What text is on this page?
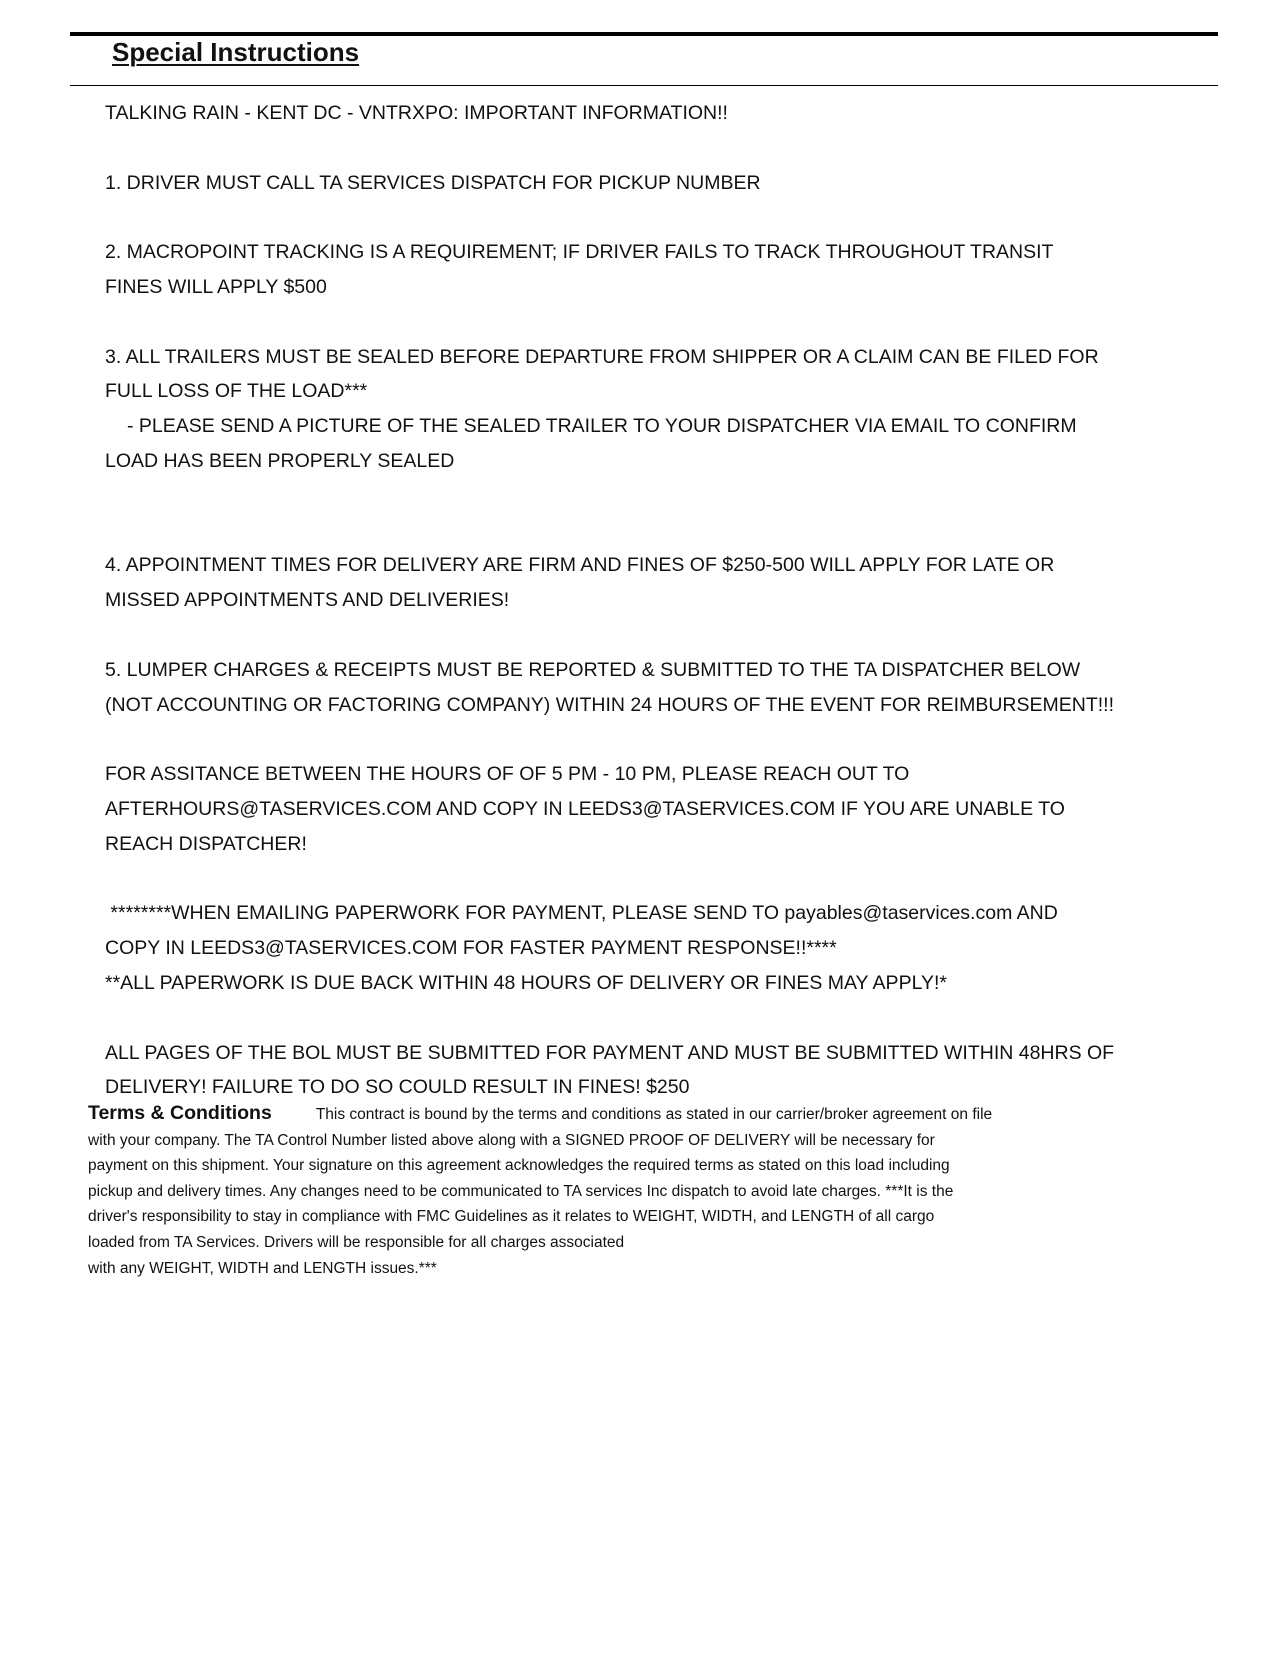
Special Instructions

TALKING RAIN - KENT DC - VNTRXPO: IMPORTANT INFORMATION!!

1. DRIVER MUST CALL TA SERVICES DISPATCH FOR PICKUP NUMBER

2. MACROPOINT TRACKING IS A REQUIREMENT; IF DRIVER FAILS TO TRACK THROUGHOUT TRANSIT

FINES WILL APPLY $500

3. ALL TRAILERS MUST BE SEALED BEFORE DEPARTURE FROM SHIPPER OR A CLAIM CAN BE FILED FOR

FULL LOSS OF THE LOAD***

- PLEASE SEND A PICTURE OF THE SEALED TRAILER TO YOUR DISPATCHER VIA EMAIL TO CONFIRM

LOAD HAS BEEN PROPERLY SEALED

4. APPOINTMENT TIMES FOR DELIVERY ARE FIRM AND FINES OF $250-500 WILL APPLY FOR LATE OR

MISSED APPOINTMENTS AND DELIVERIES!

5. LUMPER CHARGES & RECEIPTS MUST BE REPORTED & SUBMITTED TO THE TA DISPATCHER BELOW

(NOT ACCOUNTING OR FACTORING COMPANY) WITHIN 24 HOURS OF THE EVENT FOR REIMBURSEMENT!!!

FOR ASSITANCE BETWEEN THE HOURS OF OF 5 PM - 10 PM, PLEASE REACH OUT TO

AFTERHOURS@TASERVICES.COM AND COPY IN LEEDS3@TASERVICES.COM IF YOU ARE UNABLE TO

REACH DISPATCHER!

********WHEN EMAILING PAPERWORK FOR PAYMENT, PLEASE SEND TO payables@taservices.com AND

COPY IN LEEDS3@TASERVICES.COM FOR FASTER PAYMENT RESPONSE!!****

**ALL PAPERWORK IS DUE BACK WITHIN 48 HOURS OF DELIVERY OR FINES MAY APPLY!*

ALL PAGES OF THE BOL MUST BE SUBMITTED FOR PAYMENT AND MUST BE SUBMITTED WITHIN 48HRS OF

DELIVERY! FAILURE TO DO SO COULD RESULT IN FINES! $250

Terms & Conditions	This contract is bound by the terms and conditions as stated in our carrier/broker agreement on file

with your company. The TA Control Number listed above along with a SIGNED PROOF OF DELIVERY will be necessary for

payment on this shipment. Your signature on this agreement acknowledges the required terms as stated on this load including

pickup and delivery times. Any changes need to be communicated to TA services Inc dispatch to avoid late charges. ***It is the

driver's responsibility to stay in compliance with FMC Guidelines as it relates to WEIGHT, WIDTH, and LENGTH of all cargo

loaded from TA Services. Drivers will be responsible for all charges associated

with any WEIGHT, WIDTH and LENGTH issues.***
